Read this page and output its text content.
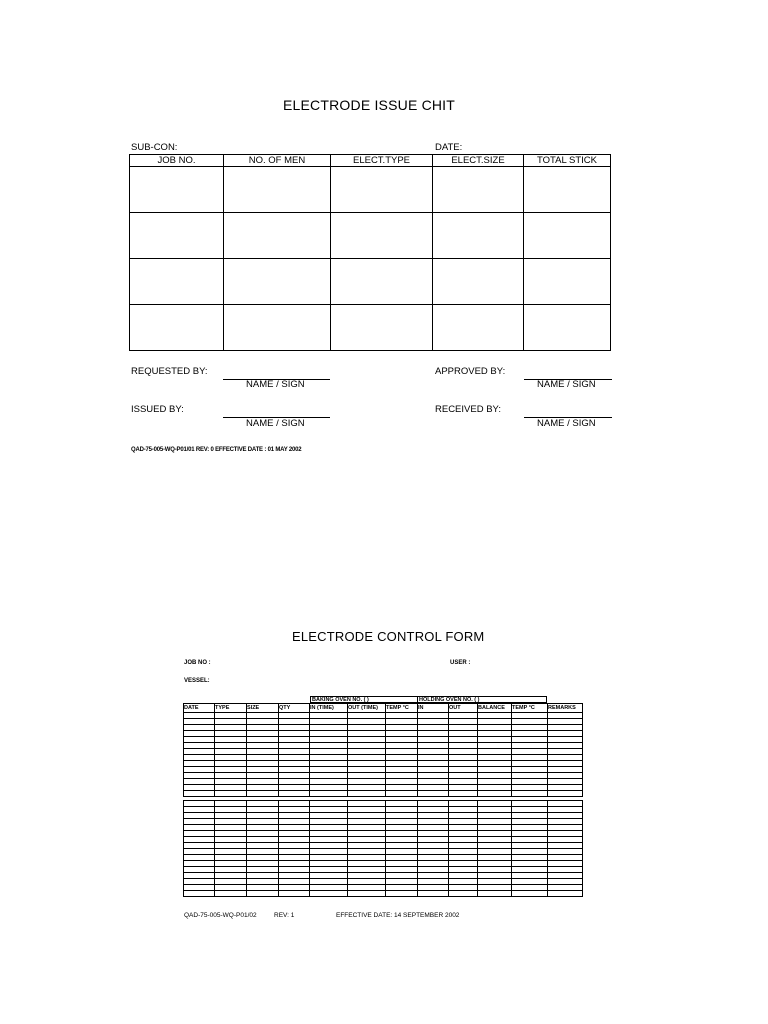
ELECTRODE ISSUE CHIT
SUB-CON:	DATE:
JOB NO.	NO. OF MEN	ELECT.TYPE	ELECT.SIZE	TOTAL STICK

REQUESTED BY:
NAME / SIGN
APPROVED BY:
NAME / SIGN
ISSUED BY:
NAME / SIGN
RECEIVED BY:
NAME / SIGN
QAD-75-005-WQ-P01/01 REV: 0 EFFECTIVE DATE : 01 MAY 2002
ELECTRODE CONTROL FORM
JOB NO :	USER :
VESSEL:
BAKING OVEN NO. ( )	HOLDING OVEN NO. ( )
DATE	TYPE	SIZE	QTY	IN (TIME)	OUT (TIME)	TEMP °C	IN	OUT	BALANCE	TEMP °C	REMARKS

QAD-75-005-WQ-P01/02	REV: 1	EFFECTIVE DATE: 14 SEPTEMBER 2002
